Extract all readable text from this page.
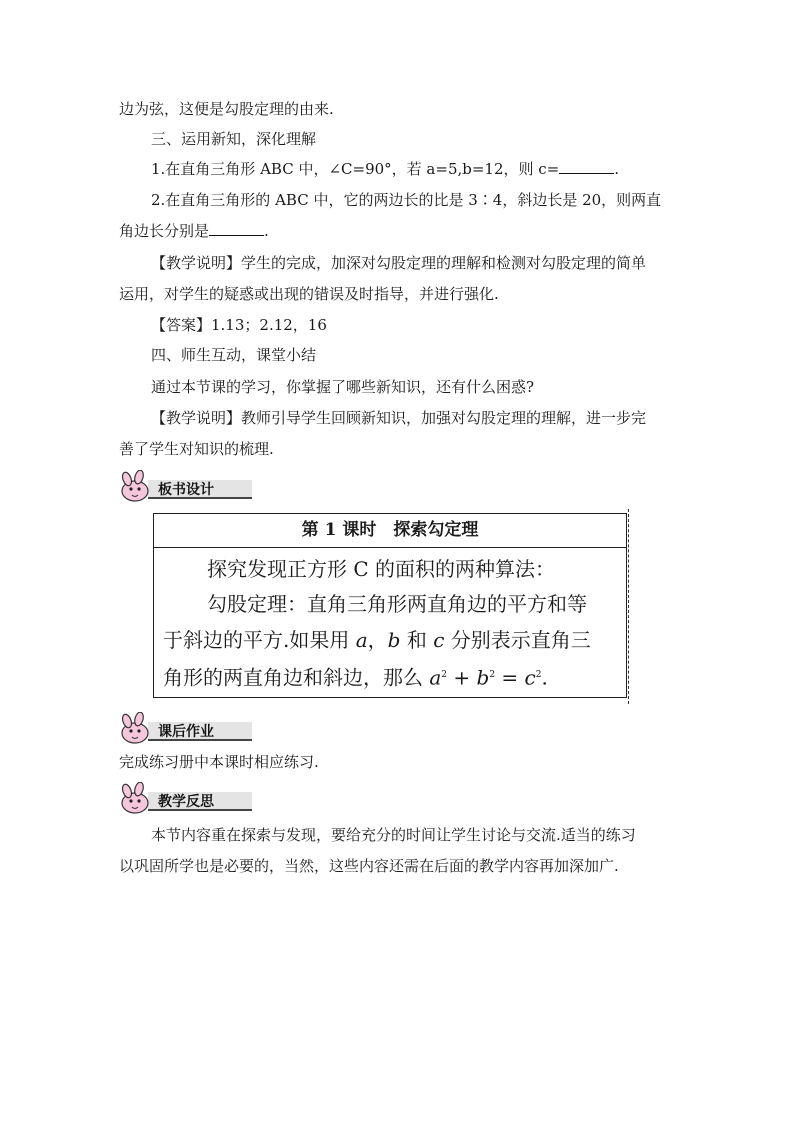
边为弦，这便是勾股定理的由来.
三、运用新知，深化理解
1.在直角三角形 ABC 中，∠C=90°，若 a=5,b=12，则 c=	.
2.在直角三角形的 ABC 中，它的两边长的比是 3∶4，斜边长是 20，则两直
角边长分别是	.
【教学说明】学生的完成，加深对勾股定理的理解和检测对勾股定理的简单
运用，对学生的疑惑或出现的错误及时指导，并进行强化.
【答案】1.13；2.12，16
四、师生互动，课堂小结
通过本节课的学习，你掌握了哪些新知识，还有什么困惑?
【教学说明】教师引导学生回顾新知识，加强对勾股定理的理解，进一步完
善了学生对知识的梳理.
板书设计
第 1 课时　探索勾定理
探究发现正方形 C 的面积的两种算法：
勾股定理：直角三角形两直角边的平方和等
于斜边的平方.如果用 a，b 和 c 分别表示直角三
角形的两直角边和斜边，那么 $a^2 + b^2 = c^2$.
课后作业
完成练习册中本课时相应练习.
教学反思
本节内容重在探索与发现，要给充分的时间让学生讨论与交流.适当的练习
以巩固所学也是必要的，当然，这些内容还需在后面的教学内容再加深加广.
